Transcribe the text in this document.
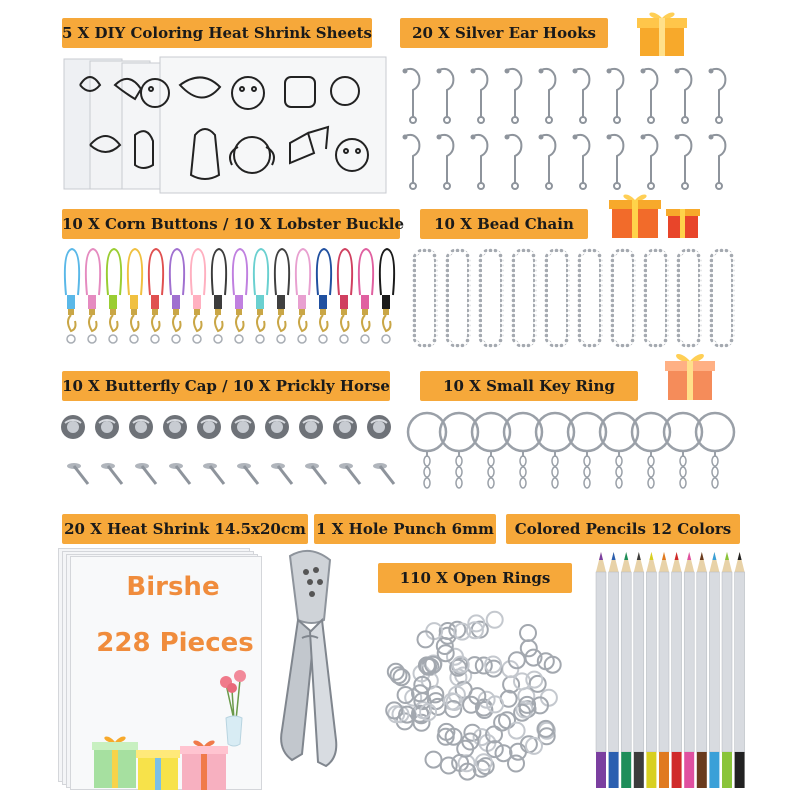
5 X DIY Coloring Heat Shrink Sheets	20 X Silver Ear Hooks
10 X Corn Buttons / 10 X Lobster Buckle	10 X Bead Chain
10 X Butterfly Cap / 10 X Prickly Horse	10 X Small Key Ring
20 X Heat Shrink 14.5x20cm 1 X Hole Punch 6mm	Colored Pencils 12 Colors
110 X Open Rings
Birshe
228 Pieces
